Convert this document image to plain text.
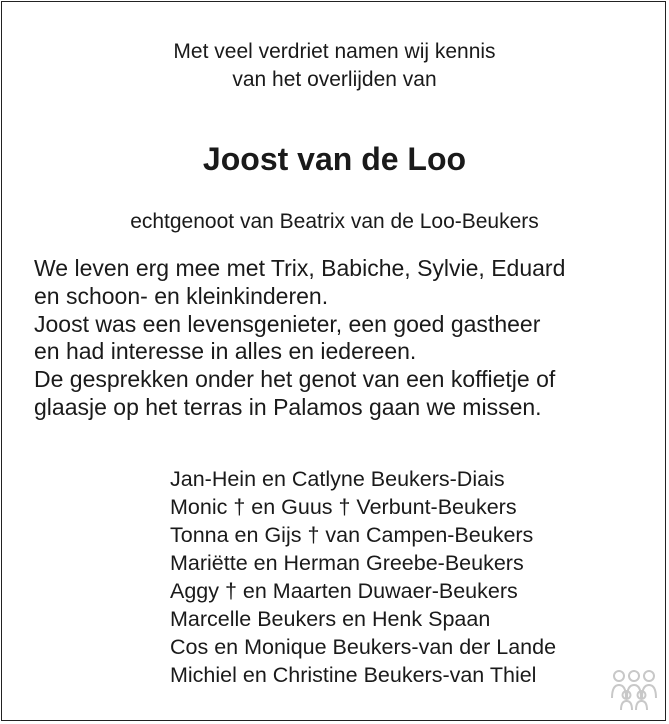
Met veel verdriet namen wij kennis
van het overlijden van
Joost van de Loo
echtgenoot van Beatrix van de Loo-Beukers
We leven erg mee met Trix, Babiche, Sylvie, Eduard
en schoon- en kleinkinderen.
Joost was een levensgenieter, een goed gastheer
en had interesse in alles en iedereen.
De gesprekken onder het genot van een koffietje of
glaasje op het terras in Palamos gaan we missen.
Jan-Hein en Catlyne Beukers-Diais
Monic † en Guus † Verbunt-Beukers
Tonna en Gijs † van Campen-Beukers
Mariëtte en Herman Greebe-Beukers
Aggy † en Maarten Duwaer-Beukers
Marcelle Beukers en Henk Spaan
Cos en Monique Beukers-van der Lande
Michiel en Christine Beukers-van Thiel
